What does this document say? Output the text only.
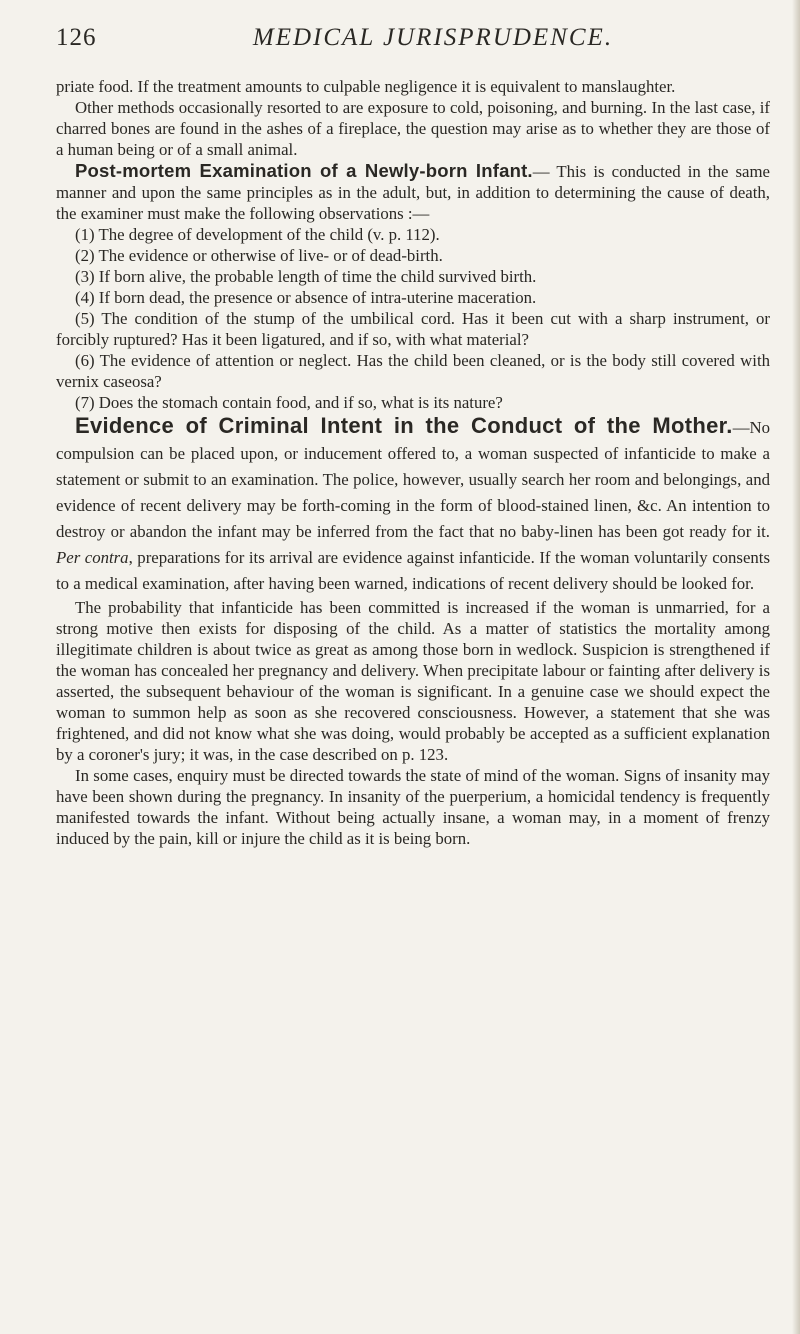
126	MEDICAL JURISPRUDENCE.

priate food. If the treatment amounts to culpable negligence it is equivalent to manslaughter.

Other methods occasionally resorted to are exposure to cold, poisoning, and burning. In the last case, if charred bones are found in the ashes of a fireplace, the question may arise as to whether they are those of a human being or of a small animal.

Post-mortem Examination of a Newly-born Infant.— This is conducted in the same manner and upon the same principles as in the adult, but, in addition to determining the cause of death, the examiner must make the following observations :—

(1) The degree of development of the child (v. p. 112).

(2) The evidence or otherwise of live- or of dead-birth.

(3) If born alive, the probable length of time the child survived birth.

(4) If born dead, the presence or absence of intra-uterine maceration.

(5) The condition of the stump of the umbilical cord. Has it been cut with a sharp instrument, or forcibly ruptured? Has it been ligatured, and if so, with what material?

(6) The evidence of attention or neglect. Has the child been cleaned, or is the body still covered with vernix caseosa?

(7) Does the stomach contain food, and if so, what is its nature?

Evidence of Criminal Intent in the Conduct of the Mother.—No compulsion can be placed upon, or inducement offered to, a woman suspected of infanticide to make a statement or submit to an examination. The police, however, usually search her room and belongings, and evidence of recent delivery may be forth-coming in the form of blood-stained linen, &c. An intention to destroy or abandon the infant may be inferred from the fact that no baby-linen has been got ready for it. Per contra, preparations for its arrival are evidence against infanticide. If the woman voluntarily consents to a medical examination, after having been warned, indications of recent delivery should be looked for.

The probability that infanticide has been committed is increased if the woman is unmarried, for a strong motive then exists for disposing of the child. As a matter of statistics the mortality among illegitimate children is about twice as great as among those born in wedlock. Suspicion is strengthened if the woman has concealed her pregnancy and delivery. When precipitate labour or fainting after delivery is asserted, the subsequent behaviour of the woman is significant. In a genuine case we should expect the woman to summon help as soon as she recovered consciousness. However, a statement that she was frightened, and did not know what she was doing, would probably be accepted as a sufficient explanation by a coroner's jury; it was, in the case described on p. 123.

In some cases, enquiry must be directed towards the state of mind of the woman. Signs of insanity may have been shown during the pregnancy. In insanity of the puerperium, a homicidal tendency is frequently manifested towards the infant. Without being actually insane, a woman may, in a moment of frenzy induced by the pain, kill or injure the child as it is being born.
